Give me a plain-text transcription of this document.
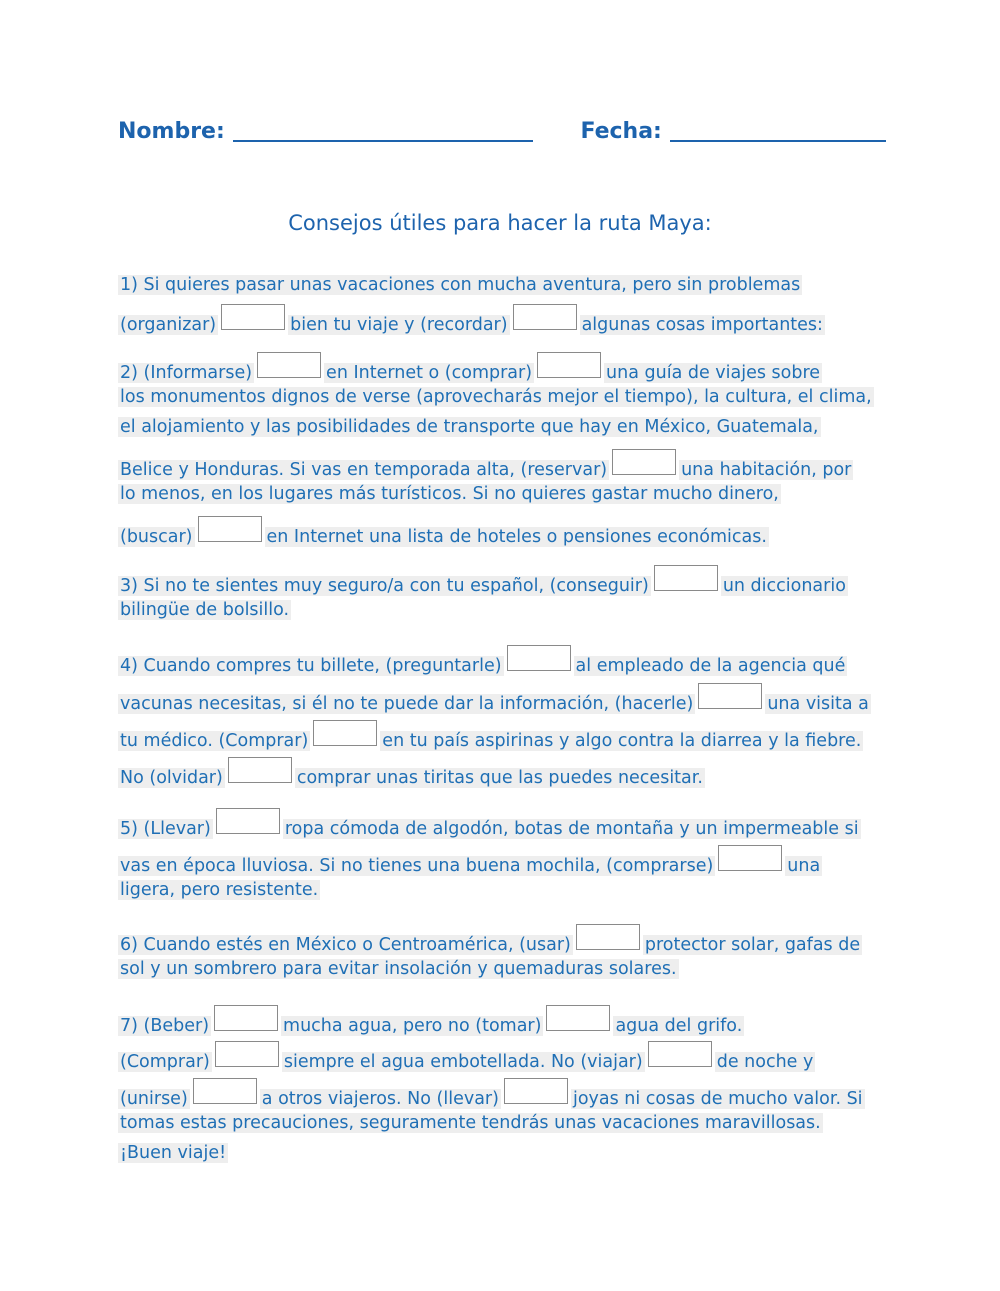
Nombre:	Fecha:
Consejos útiles para hacer la ruta Maya:
1) Si quieres pasar unas vacaciones con mucha aventura, pero sin problemas
(organizar)	bien tu viaje y (recordar)	algunas cosas importantes:
2) (Informarse)	en Internet o (comprar)	una guía de viajes sobre
los monumentos dignos de verse (aprovecharás mejor el tiempo), la cultura, el clima,
el alojamiento y las posibilidades de transporte que hay en México, Guatemala,
Belice y Honduras. Si vas en temporada alta, (reservar)	una habitación, por
lo menos, en los lugares más turísticos. Si no quieres gastar mucho dinero,
(buscar)	en Internet una lista de hoteles o pensiones económicas.
3) Si no te sientes muy seguro/a con tu español, (conseguir)	un diccionario
bilingüe de bolsillo.
4) Cuando compres tu billete, (preguntarle)	al empleado de la agencia qué
vacunas necesitas, si él no te puede dar la información, (hacerle)	una visita a
tu médico. (Comprar)	en tu país aspirinas y algo contra la diarrea y la fiebre.
No (olvidar)	comprar unas tiritas que las puedes necesitar.
5) (Llevar)	ropa cómoda de algodón, botas de montaña y un impermeable si
vas en época lluviosa. Si no tienes una buena mochila, (comprarse)	una
ligera, pero resistente.
6) Cuando estés en México o Centroamérica, (usar)	protector solar, gafas de
sol y un sombrero para evitar insolación y quemaduras solares.
7) (Beber)	mucha agua, pero no (tomar)	agua del grifo.
(Comprar)	siempre el agua embotellada. No (viajar)	de noche y
(unirse)	a otros viajeros. No (llevar)	joyas ni cosas de mucho valor. Si
tomas estas precauciones, seguramente tendrás unas vacaciones maravillosas.
¡Buen viaje!
